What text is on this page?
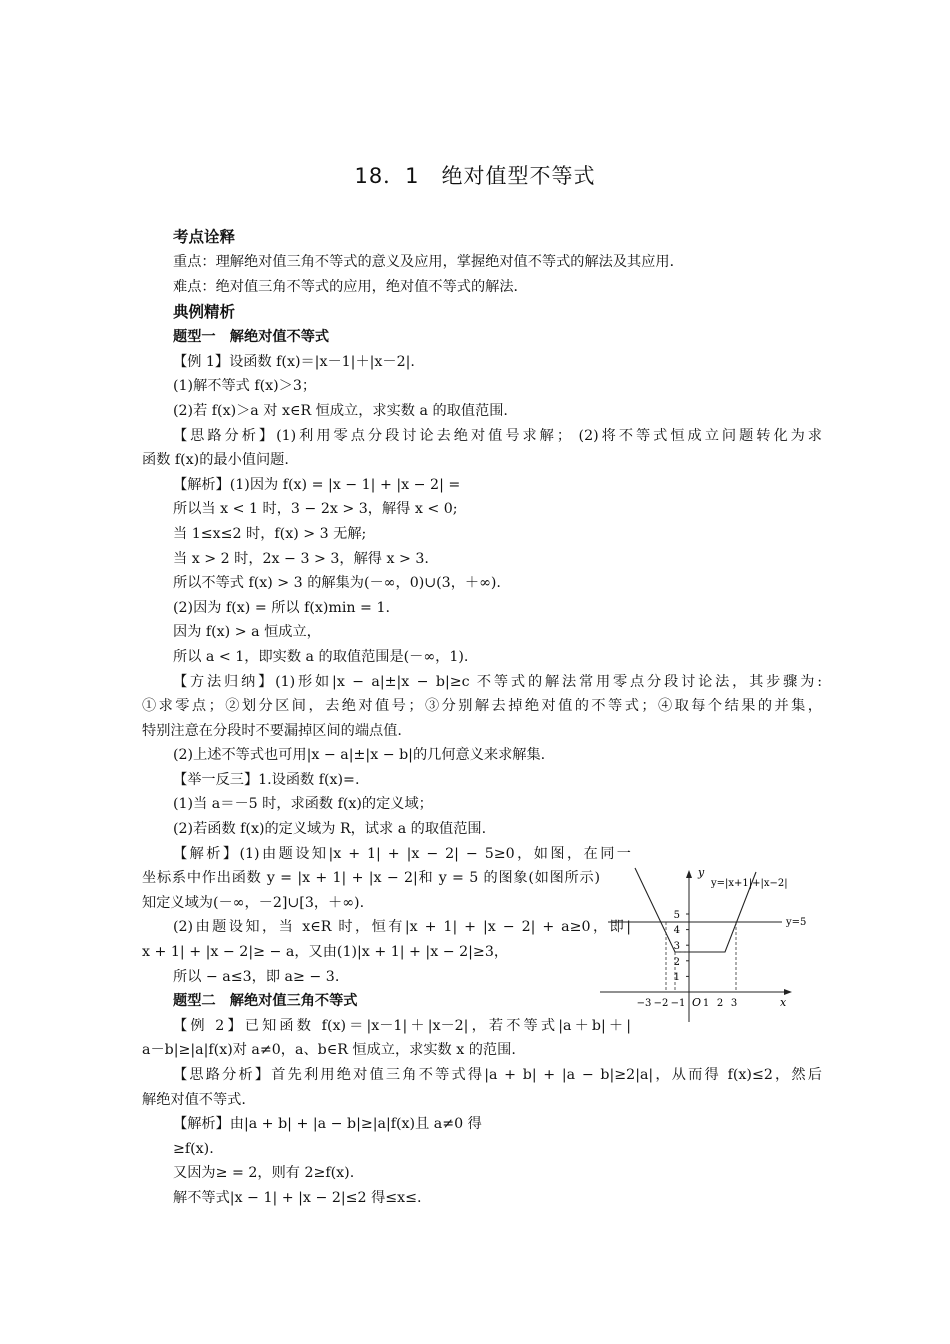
18．1　绝对值型不等式

考点诠释

重点：理解绝对值三角不等式的意义及应用，掌握绝对值不等式的解法及其应用．

难点：绝对值三角不等式的应用，绝对值不等式的解法．

典例精析

题型一　解绝对值不等式

【例 1】设函数 f(x)＝|x－1|＋|x－2|.

(1)解不等式 f(x)＞3；

(2)若 f(x)＞a 对 x∈R 恒成立，求实数 a 的取值范围.

【思路分析】(1)利用零点分段讨论去绝对值号求解； (2)将不等式恒成立问题转化为求

函数 f(x)的最小值问题.

【解析】(1)因为 f(x) = |x − 1| + |x − 2| =

所以当 x < 1 时，3 − 2x > 3，解得 x < 0;

当 1≤x≤2 时，f(x) > 3 无解;

当 x > 2 时，2x − 3 > 3，解得 x > 3.

所以不等式 f(x) > 3 的解集为(－∞，0)∪(3，＋∞).

(2)因为 f(x) = 所以 f(x)min = 1.

因为 f(x) > a 恒成立，

所以 a < 1，即实数 a 的取值范围是(－∞，1).

【方法归纳】(1)形如|x − a|±|x − b|≥c 不等式的解法常用零点分段讨论法，其步骤为:

①求零点；②划分区间，去绝对值号；③分别解去掉绝对值的不等式；④取每个结果的并集，

特别注意在分段时不要漏掉区间的端点值.

(2)上述不等式也可用|x − a|±|x − b|的几何意义来求解集.

【举一反三】1.设函数 f(x)=.

(1)当 a＝－5 时，求函数 f(x)的定义域；

(2)若函数 f(x)的定义域为 R，试求 a 的取值范围.

【解析】(1)由题设知|x + 1| + |x − 2| − 5≥0，如图，在同一

坐标系中作出函数 y = |x + 1| + |x − 2|和 y = 5 的图象(如图所示)

知定义域为(－∞，－2]∪[3，＋∞).

(2)由题设知，当 x∈R 时，恒有|x + 1| + |x − 2| + a≥0，即|

x + 1| + |x − 2|≥ − a，又由(1)|x + 1| + |x − 2|≥3，

所以 − a≤3，即 a≥ − 3.

题型二　解绝对值三角不等式

【例 2】已知函数 f(x)＝|x－1|＋|x－2|，若不等式|a＋b|＋|

a－b|≥|a|f(x)对 a≠0，a、b∈R 恒成立，求实数 x 的范围.

【思路分析】首先利用绝对值三角不等式得|a + b| + |a − b|≥2|a|，从而得 f(x)≤2，然后

解绝对值不等式.

【解析】由|a + b| + |a − b|≥|a|f(x)且 a≠0 得

≥f(x).

又因为≥ = 2，则有 2≥f(x).

解不等式|x − 1| + |x − 2|≤2 得≤x≤.

y
x
O
5
4
3
2
1
−3 −2 −1 1 2 3
y=5
y=|x+1|+|x−2|
